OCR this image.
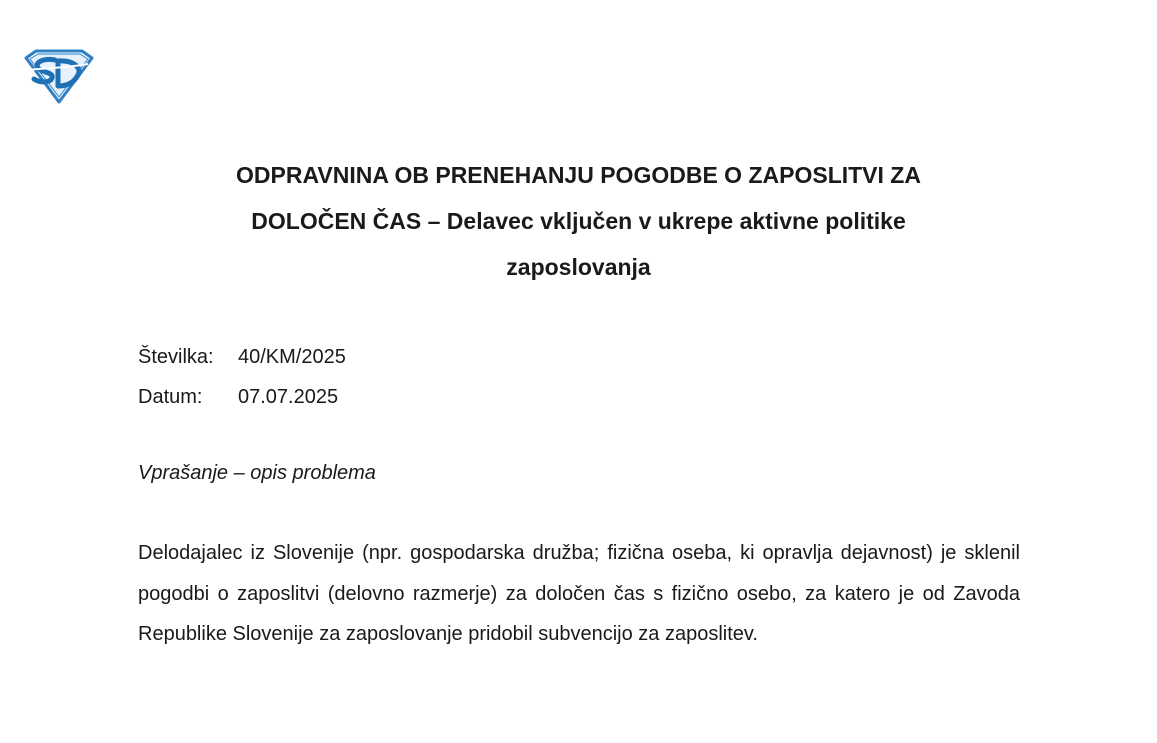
ODPRAVNINA OB PRENEHANJU POGODBE O ZAPOSLITVI ZA
DOLOČEN ČAS – Delavec vključen v ukrepe aktivne politike
zaposlovanja
Številka:	40/KM/2025
Datum:	07.07.2025
Vprašanje – opis problema
Delodajalec iz Slovenije (npr. gospodarska družba; fizična oseba, ki opravlja dejavnost) je sklenil pogodbi o zaposlitvi (delovno razmerje) za določen čas s fizično osebo, za katero je od Zavoda Republike Slovenije za zaposlovanje pridobil subvencijo za zaposlitev.
